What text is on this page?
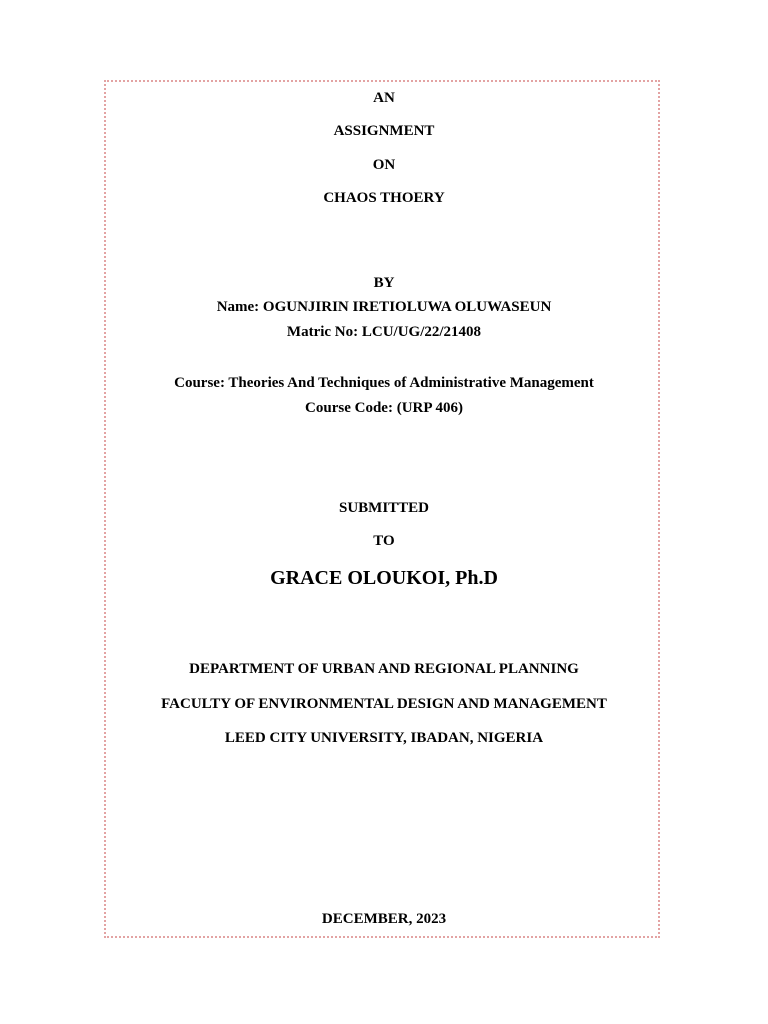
AN
ASSIGNMENT
ON
CHAOS THOERY
BY
Name: OGUNJIRIN IRETIOLUWA OLUWASEUN
Matric No: LCU/UG/22/21408
Course: Theories And Techniques of Administrative Management
Course Code: (URP 406)
SUBMITTED
TO
GRACE OLOUKOI, Ph.D
DEPARTMENT OF URBAN AND REGIONAL PLANNING
FACULTY OF ENVIRONMENTAL DESIGN AND MANAGEMENT
LEED CITY UNIVERSITY, IBADAN, NIGERIA
DECEMBER, 2023
